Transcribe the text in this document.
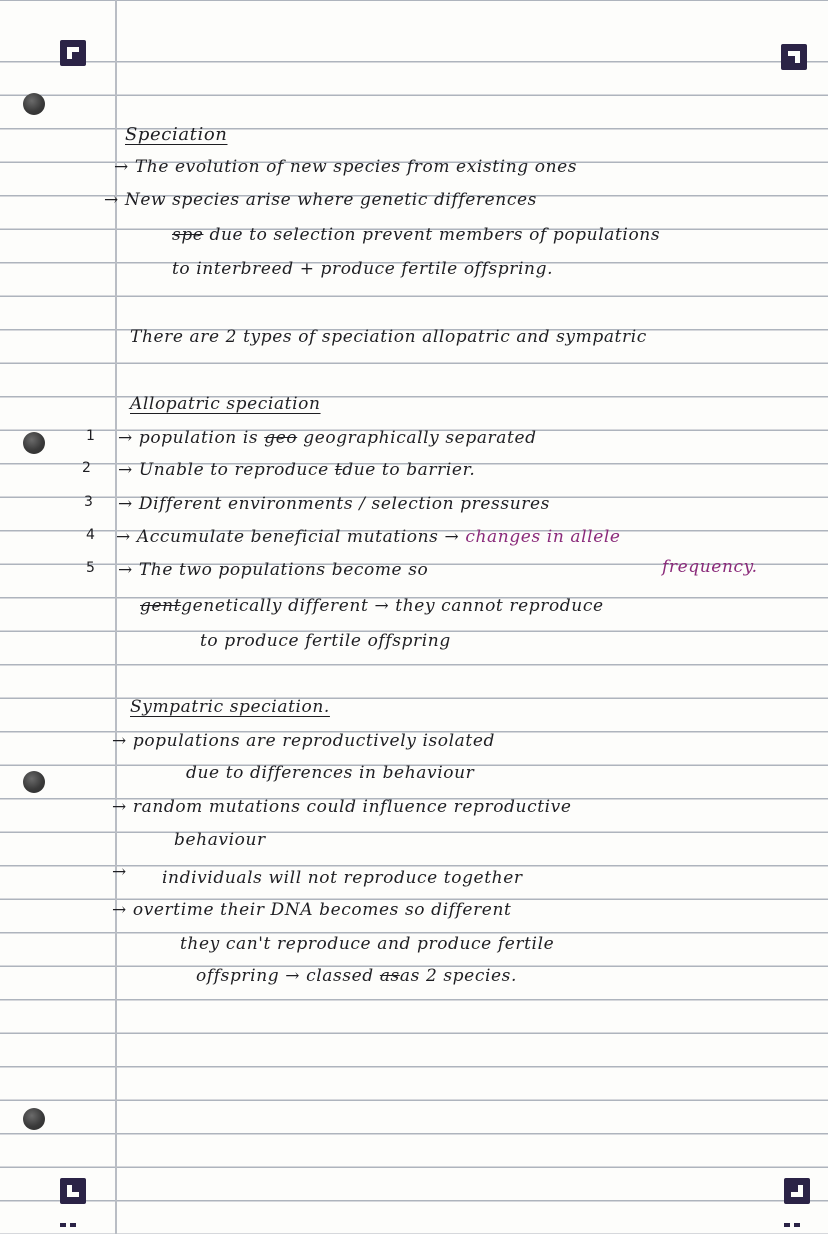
Speciation
→ The evolution of new species from existing ones
→ New species arise where genetic differences
spe due to selection prevent members of populations
to interbreed + produce fertile offspring.
There are 2 types of speciation allopatric and sympatric
Allopatric speciation
1 → population is geo geographically separated
2 → Unable to reproduce tdue to barrier.
3 → Different environments / selection pressures
4 → Accumulate beneficial mutations → changes in allele
frequency.
5 → The two populations become so
gentgenetically different → they cannot reproduce
to produce fertile offspring
Sympatric speciation.
→ populations are reproductively isolated
due to differences in behaviour
→ random mutations could influence reproductive
behaviour
→	individuals will not reproduce together
→ overtime their DNA becomes so different
they can't reproduce and produce fertile
offspring → classed asas 2 species.
